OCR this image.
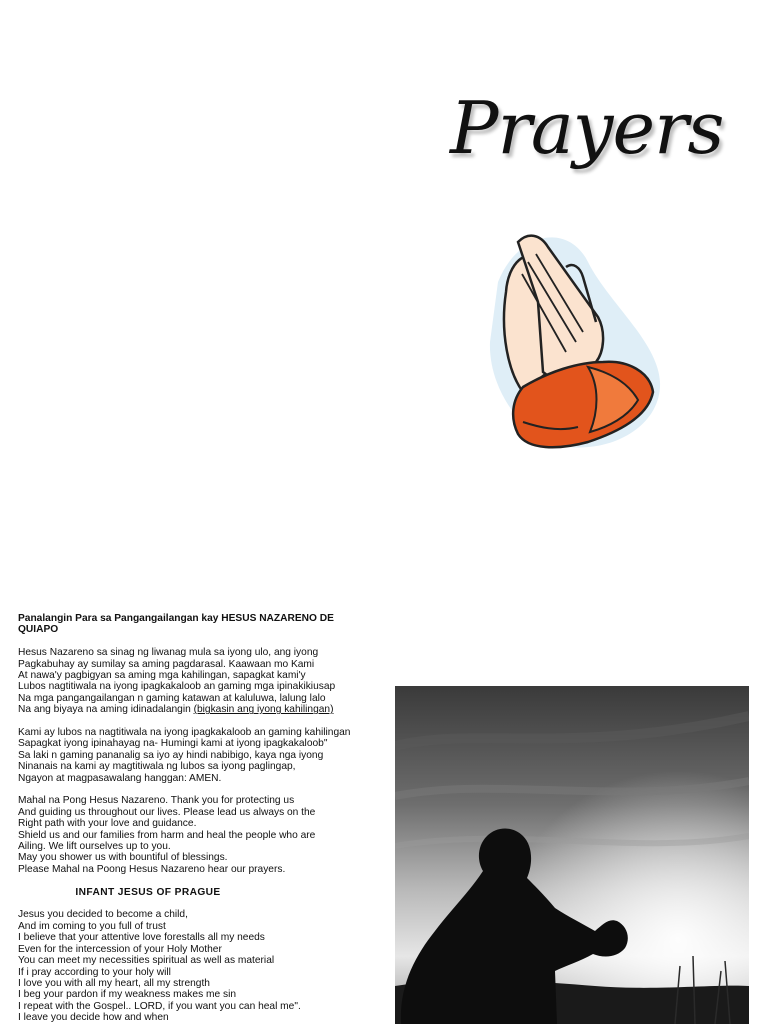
Prayers
Panalangin Para sa Pangangailangan kay HESUS NAZARENO DE
QUIAPO
Hesus Nazareno sa sinag ng liwanag mula sa iyong ulo, ang iyong
Pagkabuhay ay sumilay sa aming pagdarasal. Kaawaan mo Kami
At nawa'y pagbigyan sa aming mga kahilingan, sapagkat kami'y
Lubos nagtitiwala na iyong ipagkakaloob an gaming mga ipinakikiusap
Na mga pangangailangan n gaming katawan at kaluluwa, lalung lalo
Na ang biyaya na aming idinadalangin (bigkasin ang iyong kahilingan)
Kami ay lubos na nagtitiwala na iyong ipagkakaloob an gaming kahilingan
Sapagkat iyong ipinahayag na- Humingi kami at iyong ipagkakaloob"
Sa laki n gaming pananalig sa iyo ay hindi nabibigo, kaya nga iyong
Ninanais na kami ay magtitiwala ng lubos sa iyong paglingap,
Ngayon at magpasawalang hanggan: AMEN.
Mahal na Pong Hesus Nazareno. Thank you for protecting us
And guiding us throughout our lives. Please lead us always on the
Right path with your love and guidance.
Shield us and our families from harm and heal the people who are
Ailing. We lift ourselves up to you.
May you shower us with bountiful of blessings.
Please Mahal na Poong Hesus Nazareno hear our prayers.
INFANT JESUS OF PRAGUE
Jesus you decided to become a child,
And im coming to you full of trust
I believe that your attentive love forestalls all my needs
Even for the intercession of your Holy Mother
You can meet my necessities spiritual as well as material
If i pray according to your holy will
I love you with all my heart, all my strength
I beg your pardon if my weakness makes me sin
I repeat with the Gospel.. LORD, if you want you can heal me".
I leave you decide how and when
